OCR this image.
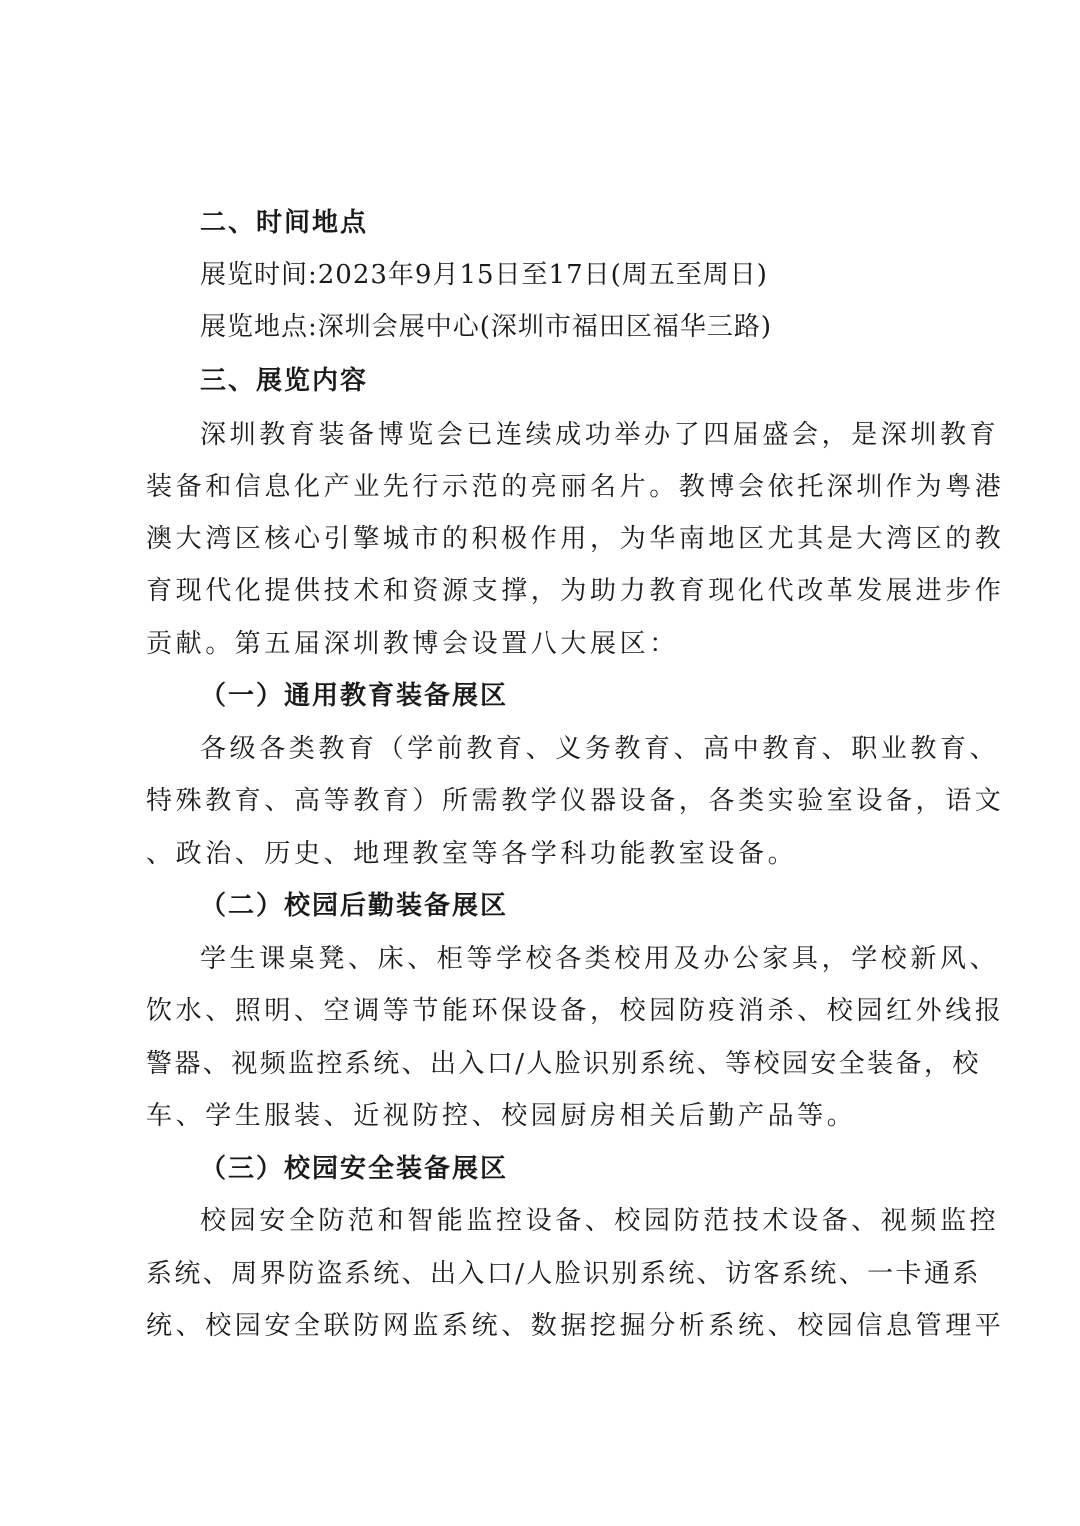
二、时间地点
展览时间:2023年9月15日至17日(周五至周日)
展览地点:深圳会展中心(深圳市福田区福华三路)
三、展览内容
深圳教育装备博览会已连续成功举办了四届盛会，是深圳教育
装备和信息化产业先行示范的亮丽名片。教博会依托深圳作为粤港
澳大湾区核心引擎城市的积极作用，为华南地区尤其是大湾区的教
育现代化提供技术和资源支撑，为助力教育现化代改革发展进步作
贡献。第五届深圳教博会设置八大展区：
（一）通用教育装备展区
各级各类教育（学前教育、义务教育、高中教育、职业教育、
特殊教育、高等教育）所需教学仪器设备，各类实验室设备，语文
、政治、历史、地理教室等各学科功能教室设备。
（二）校园后勤装备展区
学生课桌凳、床、柜等学校各类校用及办公家具，学校新风、
饮水、照明、空调等节能环保设备，校园防疫消杀、校园红外线报
警器、视频监控系统、出入口/人脸识别系统、等校园安全装备，校
车、学生服装、近视防控、校园厨房相关后勤产品等。
（三）校园安全装备展区
校园安全防范和智能监控设备、校园防范技术设备、视频监控
系统、周界防盗系统、出入口/人脸识别系统、访客系统、一卡通系
统、校园安全联防网监系统、数据挖掘分析系统、校园信息管理平
